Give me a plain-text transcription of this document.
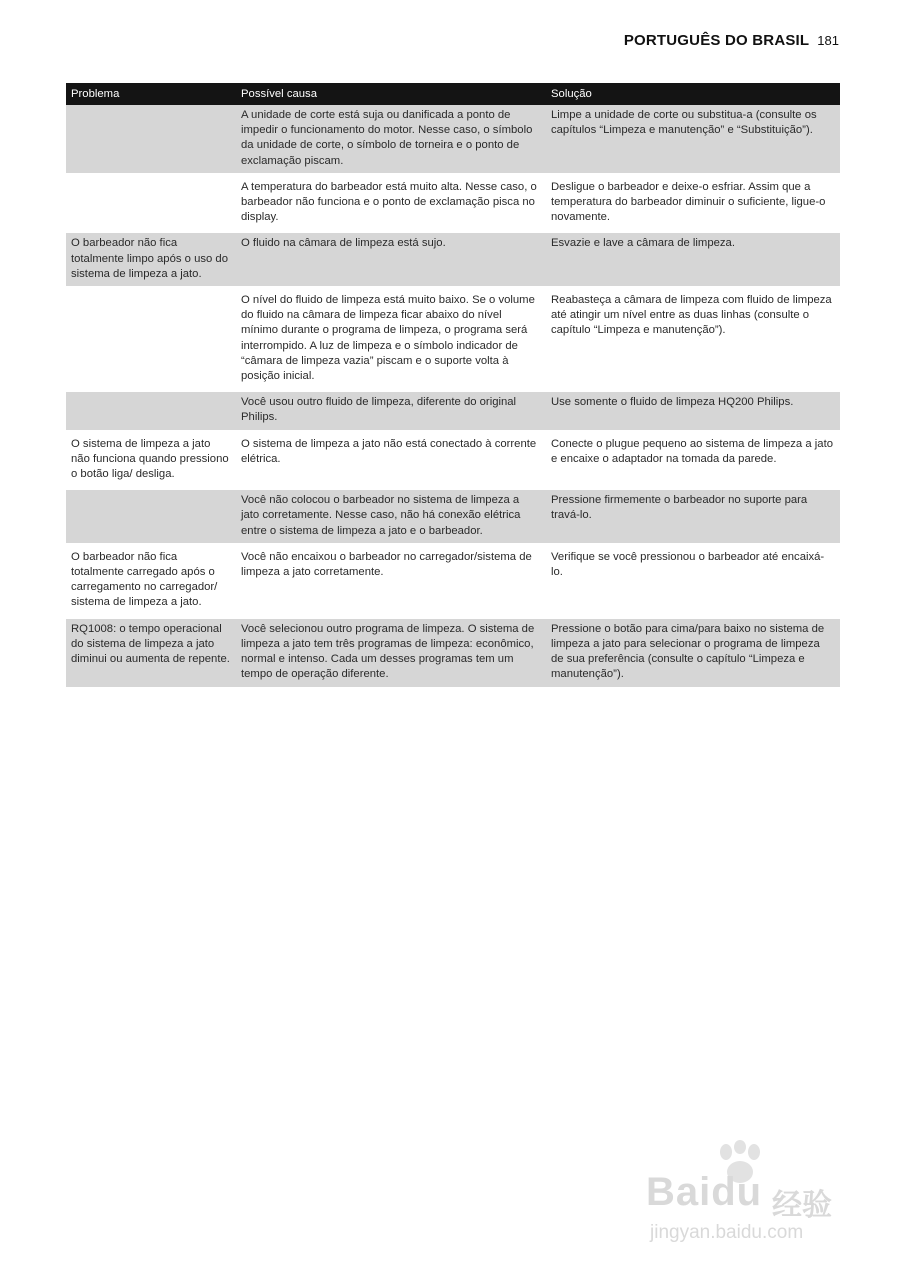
PORTUGUÊS DO BRASIL 181
Problema	Possível causa	Solução
	A unidade de corte está suja ou danificada a ponto de impedir o funcionamento do motor. Nesse caso, o símbolo da unidade de corte, o símbolo de torneira e o ponto de exclamação piscam.	Limpe a unidade de corte ou substitua-a (consulte os capítulos “Limpeza e manutenção” e “Substituição”).
	A temperatura do barbeador está muito alta. Nesse caso, o barbeador não funciona e o ponto de exclamação pisca no display.	Desligue o barbeador e deixe-o esfriar. Assim que a temperatura do barbeador diminuir o suficiente, ligue-o novamente.
O barbeador não fica totalmente limpo após o uso do sistema de limpeza a jato.	O fluido na câmara de limpeza está sujo.	Esvazie e lave a câmara de limpeza.
	O nível do fluido de limpeza está muito baixo. Se o volume do fluido na câmara de limpeza ficar abaixo do nível mínimo durante o programa de limpeza, o programa será interrompido. A luz de limpeza e o símbolo indicador de “câmara de limpeza vazia” piscam e o suporte volta à posição inicial.	Reabasteça a câmara de limpeza com fluido de limpeza até atingir um nível entre as duas linhas (consulte o capítulo “Limpeza e manutenção”).
	Você usou outro fluido de limpeza, diferente do original Philips.	Use somente o fluido de limpeza HQ200 Philips.
O sistema de limpeza a jato não funciona quando pressiono o botão liga/ desliga.	O sistema de limpeza a jato não está conectado à corrente elétrica.	Conecte o plugue pequeno ao sistema de limpeza a jato e encaixe o adaptador na tomada da parede.
	Você não colocou o barbeador no sistema de limpeza a jato corretamente. Nesse caso, não há conexão elétrica entre o sistema de limpeza a jato e o barbeador.	Pressione firmemente o barbeador no suporte para travá-lo.
O barbeador não fica totalmente carregado após o carregamento no carregador/ sistema de limpeza a jato.	Você não encaixou o barbeador no carregador/sistema de limpeza a jato corretamente.	Verifique se você pressionou o barbeador até encaixá-lo.
RQ1008: o tempo operacional do sistema de limpeza a jato diminui ou aumenta de repente.	Você selecionou outro programa de limpeza. O sistema de limpeza a jato tem três programas de limpeza: econômico, normal e intenso. Cada um desses programas tem um tempo de operação diferente.	Pressione o botão para cima/para baixo no sistema de limpeza a jato para selecionar o programa de limpeza de sua preferência (consulte o capítulo “Limpeza e manutenção”).
Baidu 经验
jingyan.baidu.com
